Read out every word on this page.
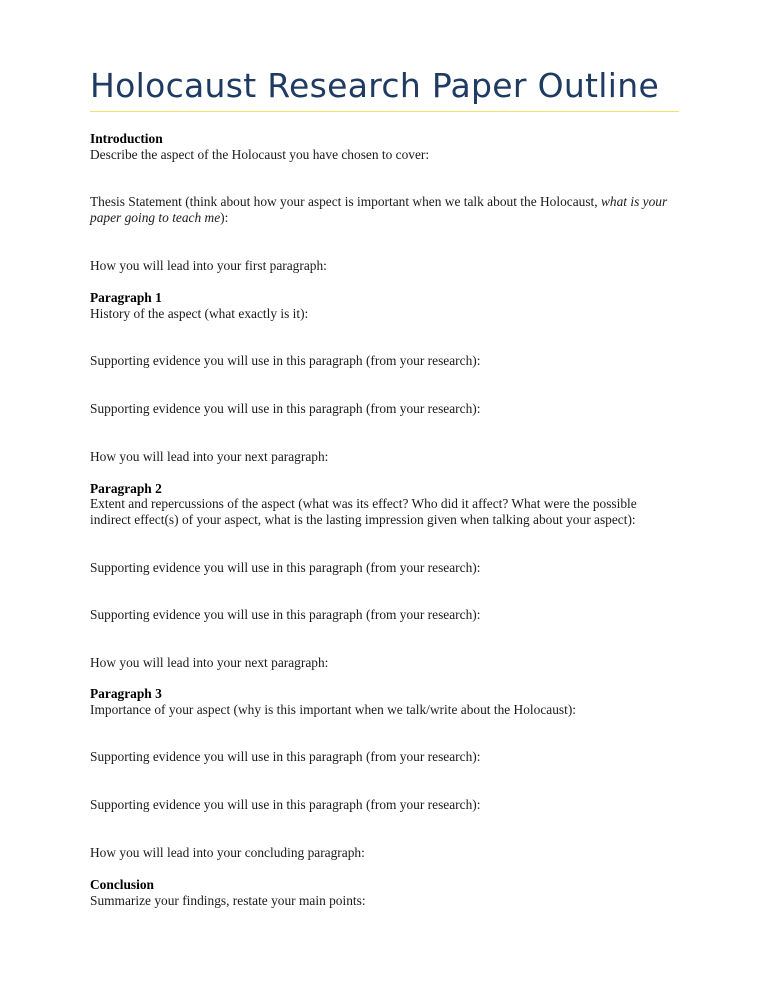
Holocaust Research Paper Outline

Introduction

Describe the aspect of the Holocaust you have chosen to cover:

Thesis Statement (think about how your aspect is important when we talk about the Holocaust, what is your paper going to teach me):

How you will lead into your first paragraph:

Paragraph 1

History of the aspect (what exactly is it):

Supporting evidence you will use in this paragraph (from your research):

Supporting evidence you will use in this paragraph (from your research):

How you will lead into your next paragraph:

Paragraph 2

Extent and repercussions of the aspect (what was its effect? Who did it affect? What were the possible indirect effect(s) of your aspect, what is the lasting impression given when talking about your aspect):

Supporting evidence you will use in this paragraph (from your research):

Supporting evidence you will use in this paragraph (from your research):

How you will lead into your next paragraph:

Paragraph 3

Importance of your aspect (why is this important when we talk/write about the Holocaust):

Supporting evidence you will use in this paragraph (from your research):

Supporting evidence you will use in this paragraph (from your research):

How you will lead into your concluding paragraph:

Conclusion

Summarize your findings, restate your main points:
